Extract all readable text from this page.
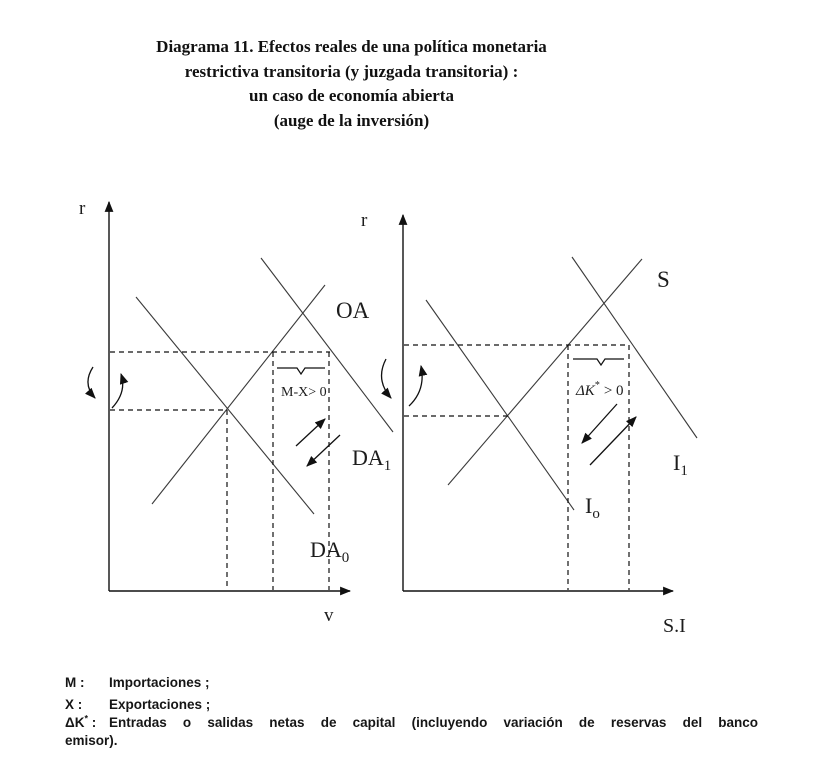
Diagrama 11. Efectos reales de una política monetaria
restrictiva transitoria (y juzgada transitoria) :
un caso de economía abierta
(auge de la inversión)
M-X> 0
r
v
OA
$DA_0$
$DA_1$
ΔK* > 0
r
S.I
S
$I_o$
$I_1$
M : Importaciones ;
X : Exportaciones ;
ΔK* : Entradas o salidas netas de capital (incluyendo variación de reservas del banco
emisor).
